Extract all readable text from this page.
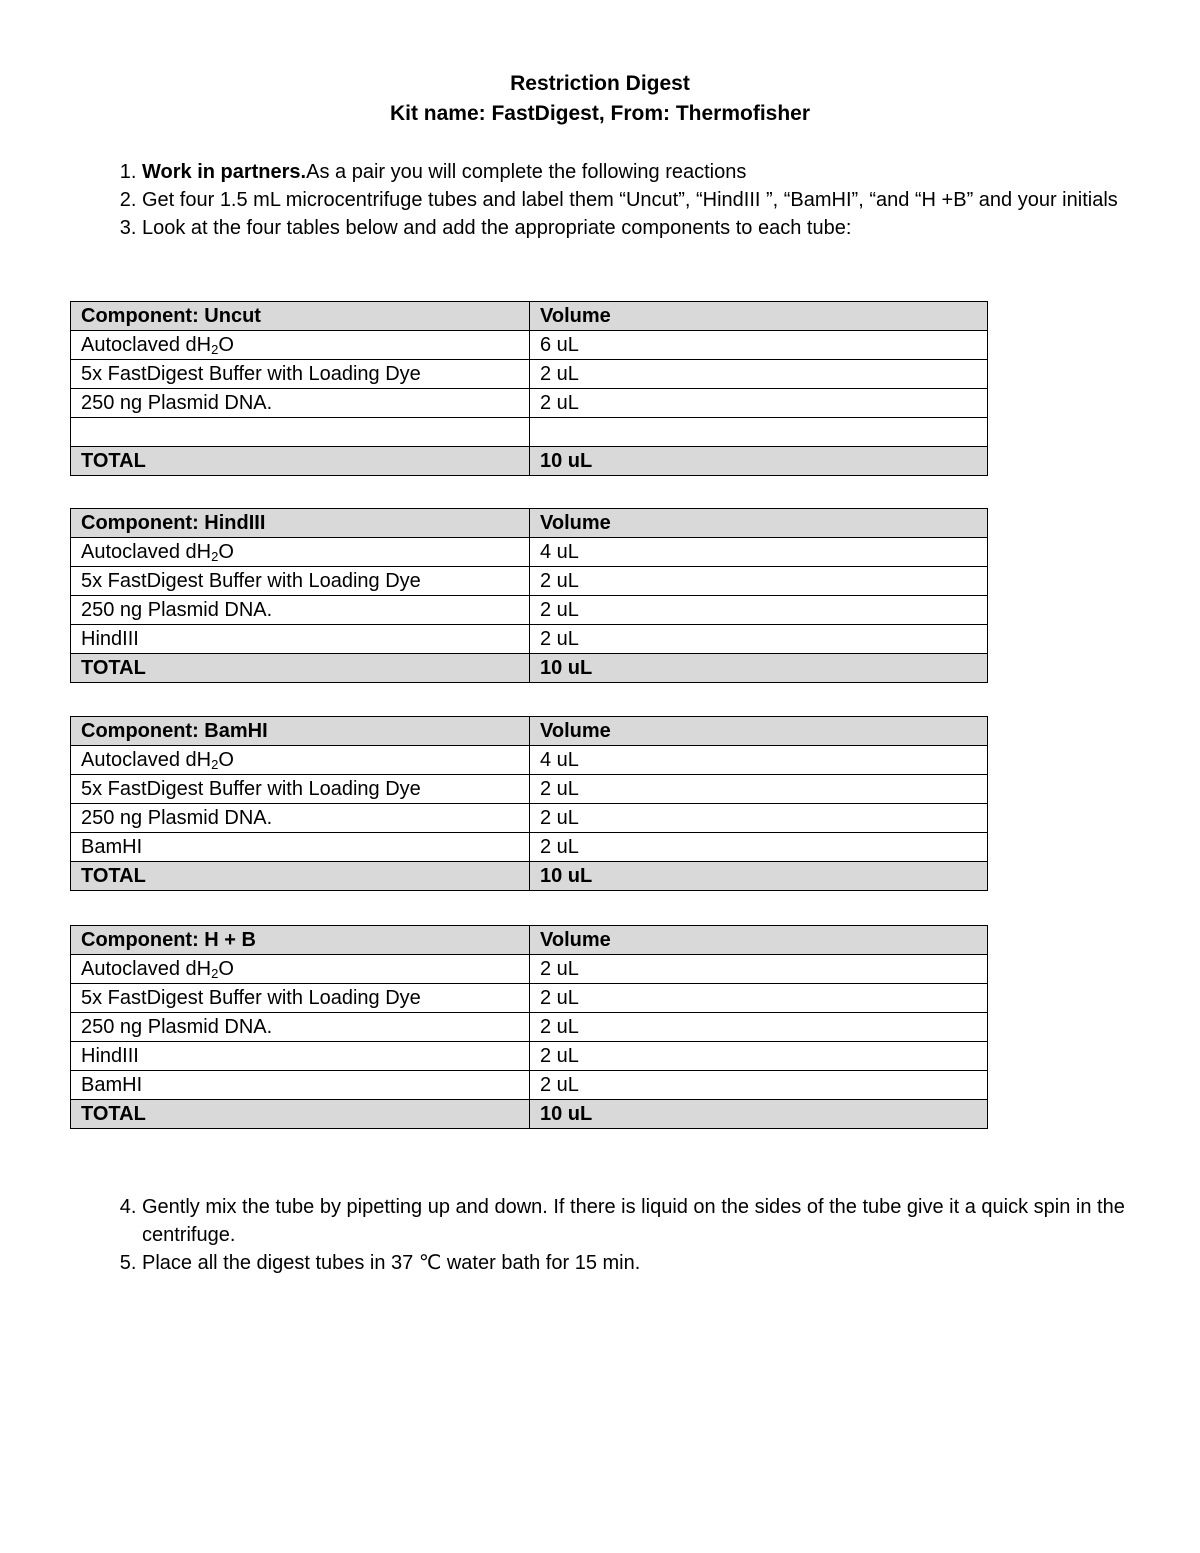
Restriction Digest
Kit name: FastDigest, From: Thermofisher
1. Work in partners.As a pair you will complete the following reactions
2. Get four 1.5 mL microcentrifuge tubes and label them “Uncut”, “HindIII ”, “BamHI”, “and “H +B” and your initials
3. Look at the four tables below and add the appropriate components to each tube:
Component: Uncut	Volume
Autoclaved $dH_2O$	6 uL
5x FastDigest Buffer with Loading Dye	2 uL
250 ng Plasmid DNA.	2 uL

TOTAL	10 uL
Component: HindIII	Volume
Autoclaved $dH_2O$	4 uL
5x FastDigest Buffer with Loading Dye	2 uL
250 ng Plasmid DNA.	2 uL
HindIII	2 uL
TOTAL	10 uL
Component: BamHI	Volume
Autoclaved $dH_2O$	4 uL
5x FastDigest Buffer with Loading Dye	2 uL
250 ng Plasmid DNA.	2 uL
BamHI	2 uL
TOTAL	10 uL
Component: H + B	Volume
Autoclaved $dH_2O$	2 uL
5x FastDigest Buffer with Loading Dye	2 uL
250 ng Plasmid DNA.	2 uL
HindIII	2 uL
BamHI	2 uL
TOTAL	10 uL
4. Gently mix the tube by pipetting up and down. If there is liquid on the sides of the tube give it a quick spin in the centrifuge.
5. Place all the digest tubes in 37 ℃ water bath for 15 min.
